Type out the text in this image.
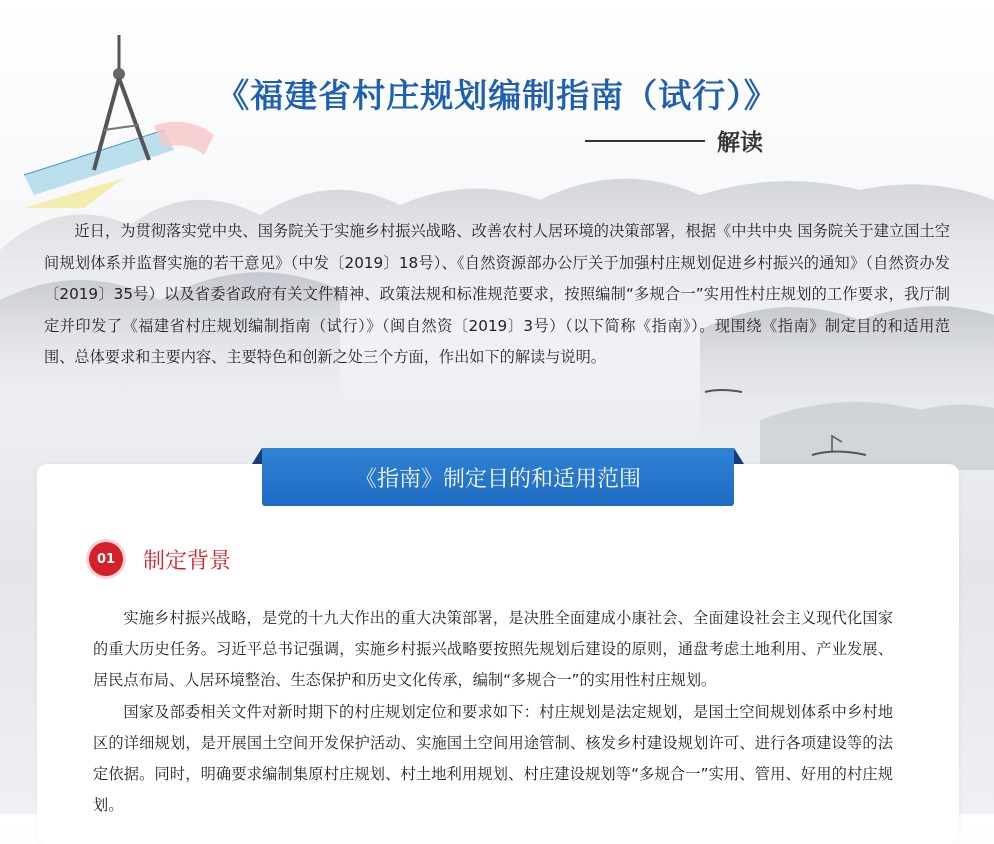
《福建省村庄规划编制指南（试行）》
解读

近日，为贯彻落实党中央、国务院关于实施乡村振兴战略、改善农村人居环境的决策部署，根据《中共中央 国务院关于建立国土空间规划体系并监督实施的若干意见》（中发〔2019〕18号）、《自然资源部办公厅关于加强村庄规划促进乡村振兴的通知》（自然资办发〔2019〕35号）以及省委省政府有关文件精神、政策法规和标准规范要求，按照编制“多规合一”实用性村庄规划的工作要求，我厅制定并印发了《福建省村庄规划编制指南（试行）》（闽自然资〔2019〕3号）（以下简称《指南》）。现围绕《指南》制定目的和适用范围、总体要求和主要内容、主要特色和创新之处三个方面，作出如下的解读与说明。

《指南》制定目的和适用范围
01	制定背景

实施乡村振兴战略，是党的十九大作出的重大决策部署，是决胜全面建成小康社会、全面建设社会主义现代化国家的重大历史任务。习近平总书记强调，实施乡村振兴战略要按照先规划后建设的原则，通盘考虑土地利用、产业发展、居民点布局、人居环境整治、生态保护和历史文化传承，编制“多规合一”的实用性村庄规划。

国家及部委相关文件对新时期下的村庄规划定位和要求如下：村庄规划是法定规划，是国土空间规划体系中乡村地区的详细规划，是开展国土空间开发保护活动、实施国土空间用途管制、核发乡村建设规划许可、进行各项建设等的法定依据。同时，明确要求编制集原村庄规划、村土地利用规划、村庄建设规划等“多规合一”实用、管用、好用的村庄规划。
